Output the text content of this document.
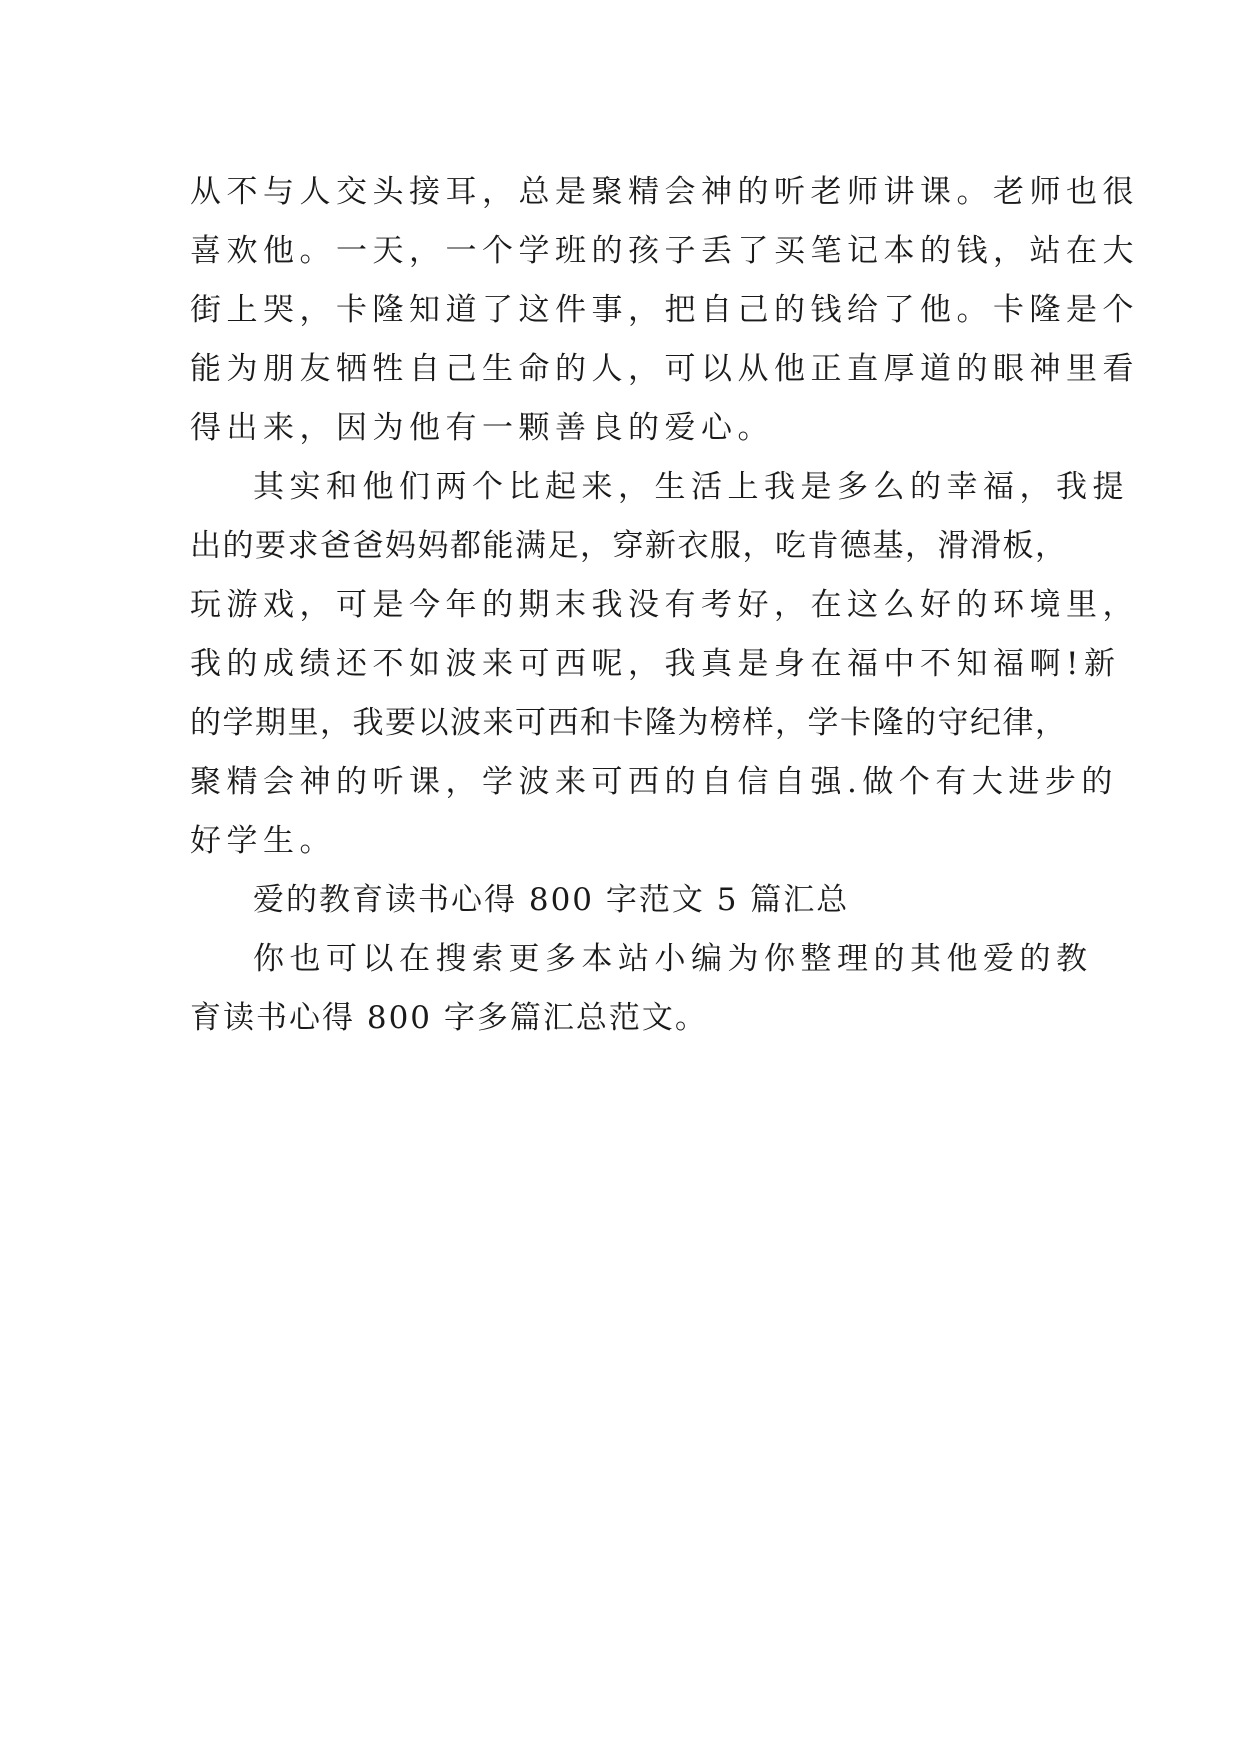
从不与人交头接耳，总是聚精会神的听老师讲课。老师也很
喜欢他。一天，一个学班的孩子丢了买笔记本的钱，站在大
街上哭，卡隆知道了这件事，把自己的钱给了他。卡隆是个
能为朋友牺牲自己生命的人，可以从他正直厚道的眼神里看
得出来，因为他有一颗善良的爱心。
其实和他们两个比起来，生活上我是多么的幸福，我提
出的要求爸爸妈妈都能满足，穿新衣服，吃肯德基，滑滑板，
玩游戏，可是今年的期末我没有考好，在这么好的环境里，
我的成绩还不如波来可西呢，我真是身在福中不知福啊!新
的学期里，我要以波来可西和卡隆为榜样，学卡隆的守纪律，
聚精会神的听课，学波来可西的自信自强.做个有大进步的
好学生。
爱的教育读书心得 800 字范文 5 篇汇总
你也可以在搜索更多本站小编为你整理的其他爱的教
育读书心得 800 字多篇汇总范文。
